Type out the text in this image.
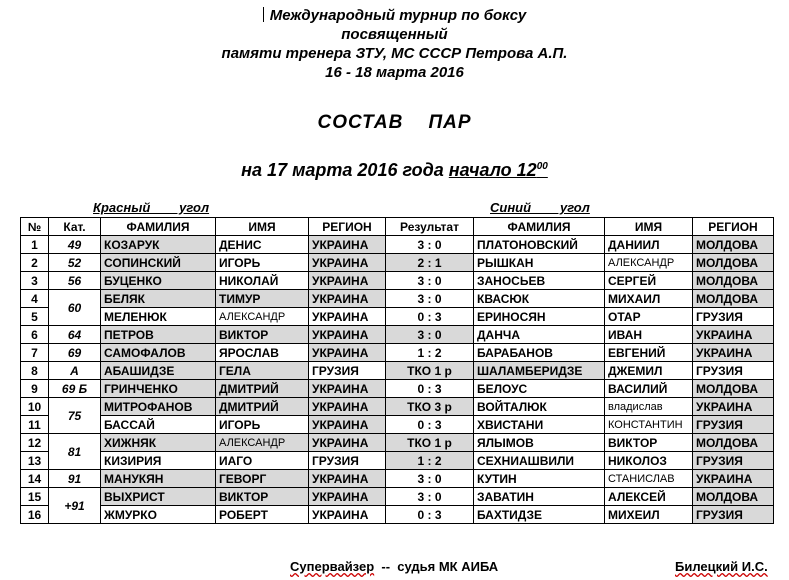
Международный турнир по боксу
посвященный
памяти тренера ЗТУ, МС СССР Петрова А.П.
16 - 18 марта 2016
СОСТАВ    ПАР
на 17 марта 2016 года начало $12^{00}$
Красный        угол	Синий        угол
№	Кат.	ФАМИЛИЯ	ИМЯ	РЕГИОН	Результат	ФАМИЛИЯ	ИМЯ	РЕГИОН
1	49	КОЗАРУК	ДЕНИС	УКРАИНА	3 : 0	ПЛАТОНОВСКИЙ	ДАНИИЛ	МОЛДОВА
2	52	СОПИНСКИЙ	ИГОРЬ	УКРАИНА	2 : 1	РЫШКАН	АЛЕКСАНДР	МОЛДОВА
3	56	БУЦЕНКО	НИКОЛАЙ	УКРАИНА	3 : 0	ЗАНОСЬЕВ	СЕРГЕЙ	МОЛДОВА
4	60	БЕЛЯК	ТИМУР	УКРАИНА	3 : 0	КВАСЮК	МИХАИЛ	МОЛДОВА
5		МЕЛЕНЮК	АЛЕКСАНДР	УКРАИНА	0 : 3	ЕРИНОСЯН	ОТАР	ГРУЗИЯ
6	64	ПЕТРОВ	ВИКТОР	УКРАИНА	3 : 0	ДАНЧА	ИВАН	УКРАИНА
7	69	САМОФАЛОВ	ЯРОСЛАВ	УКРАИНА	1 : 2	БАРАБАНОВ	ЕВГЕНИЙ	УКРАИНА
8	А	АБАШИДЗЕ	ГЕЛА	ГРУЗИЯ	ТКО 1 р	ШАЛАМБЕРИДЗЕ	ДЖЕМИЛ	ГРУЗИЯ
9	69 Б	ГРИНЧЕНКО	ДМИТРИЙ	УКРАИНА	0 : 3	БЕЛОУС	ВАСИЛИЙ	МОЛДОВА
10	75	МИТРОФАНОВ	ДМИТРИЙ	УКРАИНА	ТКО 3 р	ВОЙТАЛЮК	владислав	УКРАИНА
11		БАССАЙ	ИГОРЬ	УКРАИНА	0 : 3	ХВИСТАНИ	КОНСТАНТИН	ГРУЗИЯ
12	81	ХИЖНЯК	АЛЕКСАНДР	УКРАИНА	ТКО 1 р	ЯЛЫМОВ	ВИКТОР	МОЛДОВА
13		КИЗИРИЯ	ИАГО	ГРУЗИЯ	1 : 2	СЕХНИАШВИЛИ	НИКОЛОЗ	ГРУЗИЯ
14	91	МАНУКЯН	ГЕВОРГ	УКРАИНА	3 : 0	КУТИН	СТАНИСЛАВ	УКРАИНА
15	+91	ВЫХРИСТ	ВИКТОР	УКРАИНА	3 : 0	ЗАВАТИН	АЛЕКСЕЙ	МОЛДОВА
16		ЖМУРКО	РОБЕРТ	УКРАИНА	0 : 3	БАХТИДЗЕ	МИХЕИЛ	ГРУЗИЯ
Супервайзер  --  судья МК АИБА	Билецкий И.С.
